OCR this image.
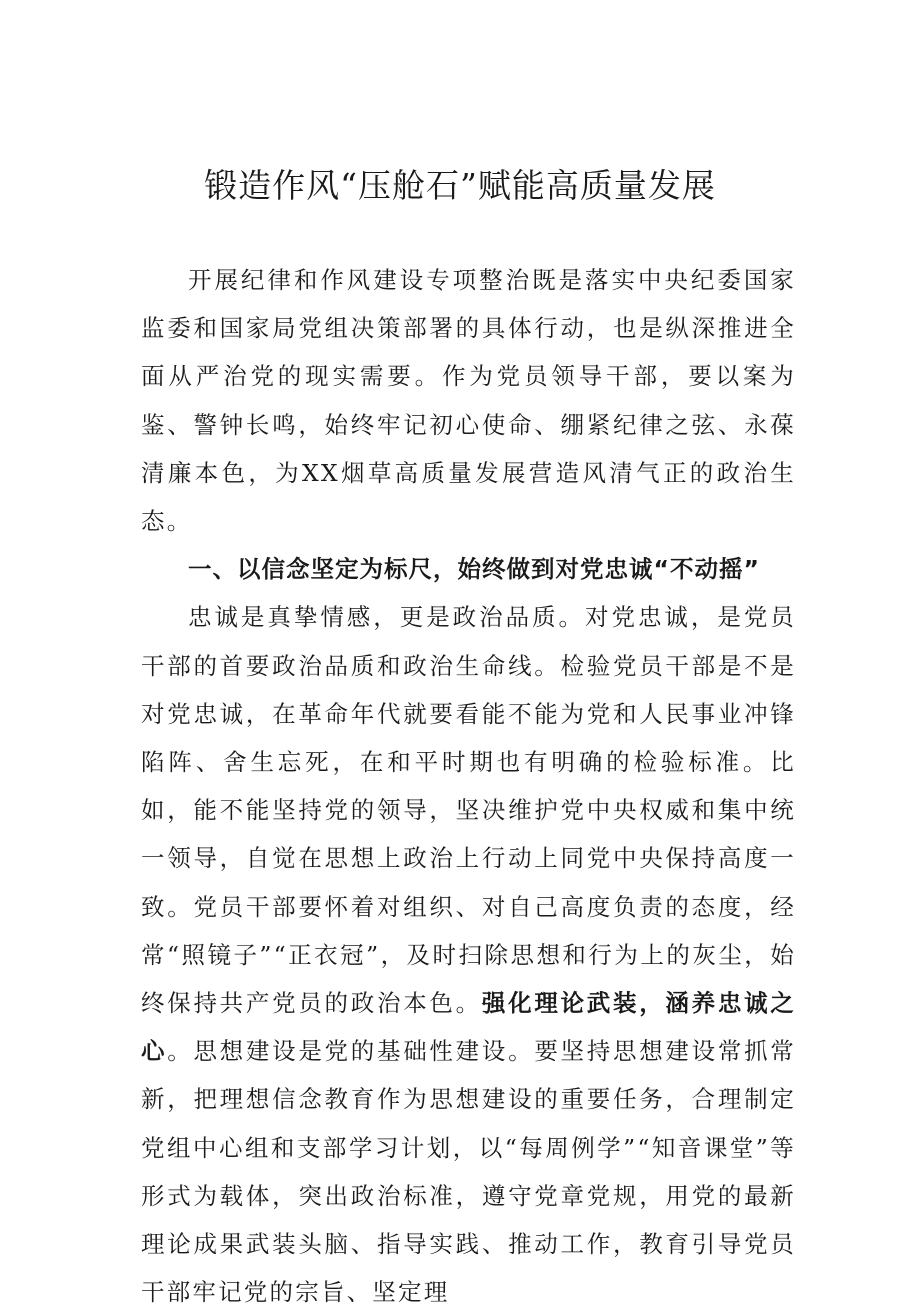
锻造作风“压舱石”赋能高质量发展

开展纪律和作风建设专项整治既是落实中央纪委国家监委和国家局党组决策部署的具体行动，也是纵深推进全面从严治党的现实需要。作为党员领导干部，要以案为鉴、警钟长鸣，始终牢记初心使命、绷紧纪律之弦、永葆清廉本色，为XX烟草高质量发展营造风清气正的政治生态。

一、以信念坚定为标尺，始终做到对党忠诚“不动摇”

忠诚是真挚情感，更是政治品质。对党忠诚，是党员干部的首要政治品质和政治生命线。检验党员干部是不是对党忠诚，在革命年代就要看能不能为党和人民事业冲锋陷阵、舍生忘死，在和平时期也有明确的检验标准。比如，能不能坚持党的领导，坚决维护党中央权威和集中统一领导，自觉在思想上政治上行动上同党中央保持高度一致。党员干部要怀着对组织、对自己高度负责的态度，经常“照镜子”“正衣冠”，及时扫除思想和行为上的灰尘，始终保持共产党员的政治本色。强化理论武装，涵养忠诚之心。思想建设是党的基础性建设。要坚持思想建设常抓常新，把理想信念教育作为思想建设的重要任务，合理制定党组中心组和支部学习计划，以“每周例学”“知音课堂”等形式为载体，突出政治标准，遵守党章党规，用党的最新理论成果武装头脑、指导实践、推动工作，教育引导党员干部牢记党的宗旨、坚定理
